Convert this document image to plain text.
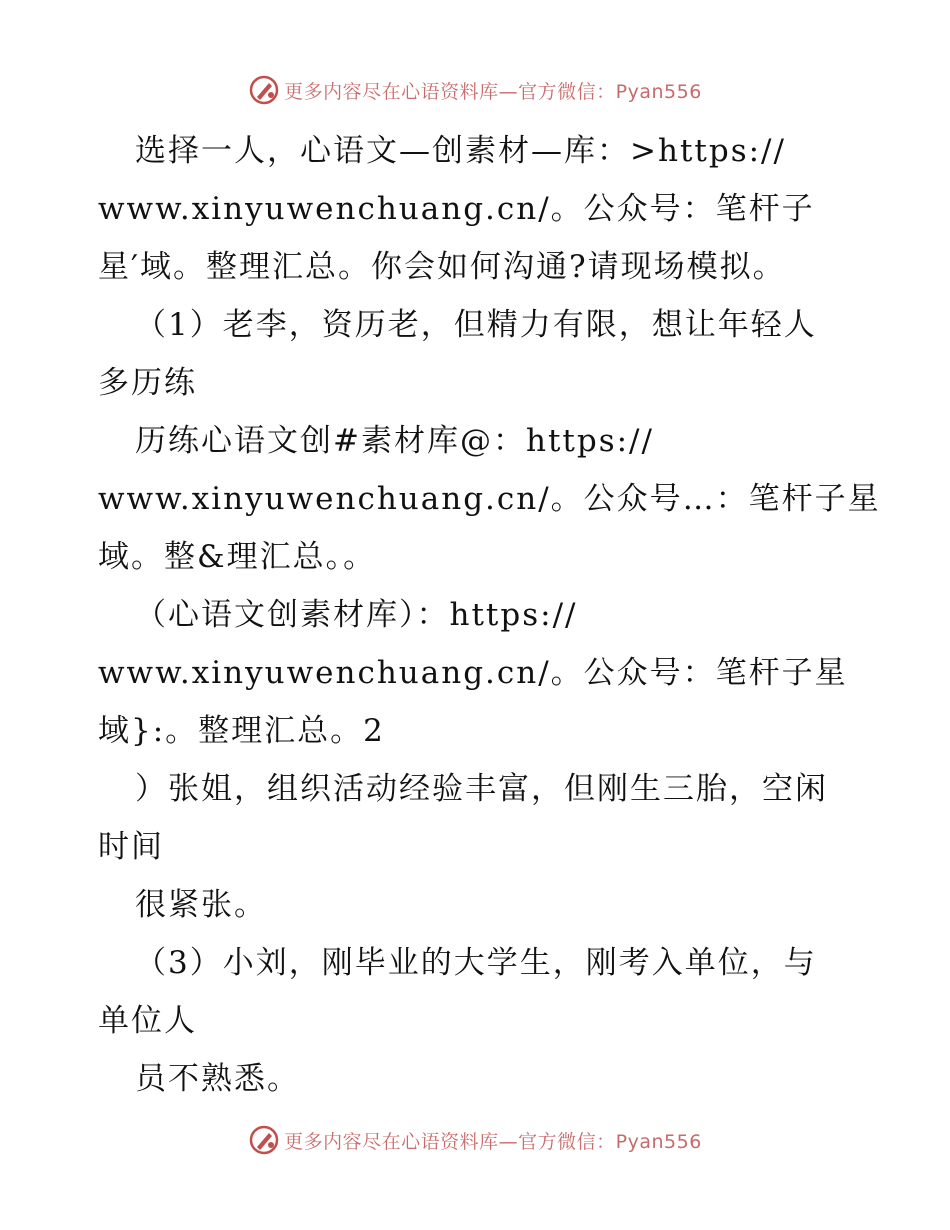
更多内容尽在心语资料库—官方微信：Pyan556
选择一人，心语文—创素材—库：>https://
www.xinyuwenchuang.cn/。公众号：笔杆子
星′域。整理汇总。你会如何沟通?请现场模拟。
（1）老李，资历老，但精力有限，想让年轻人
多历练
历练心语文创#素材库@：https://
www.xinyuwenchuang.cn/。公众号…：笔杆子星
域。整&理汇总。。
（心语文创素材库）：https://
www.xinyuwenchuang.cn/。公众号：笔杆子星
域}:。整理汇总。2
）张姐，组织活动经验丰富，但刚生三胎，空闲
时间
很紧张。
（3）小刘，刚毕业的大学生，刚考入单位，与
单位人
员不熟悉。
更多内容尽在心语资料库—官方微信：Pyan556
